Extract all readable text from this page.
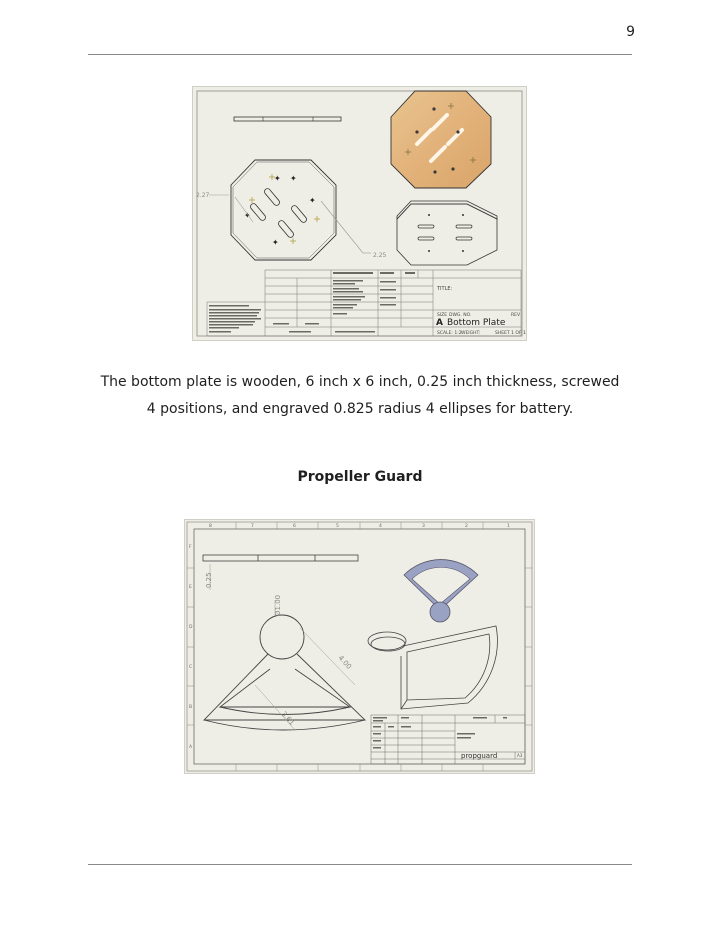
9
✦ ✦
✦
✦
✦
2.27
2.25
TITLE:
SIZE DWG. NO.	REV
A Bottom Plate
SCALE: 1:2 WEIGHT:	SHEET 1 OF 1
The bottom plate is wooden, 6 inch x 6 inch, 0.25 inch thickness, screwed 4 positions, and engraved 0.825 radius 4 ellipses for battery.
Propeller Guard
8	7	6	5	4	3	2	1
F
E
D
C
B
A
0.25
Ø1.00
4.00
3.61
propguard	A3
